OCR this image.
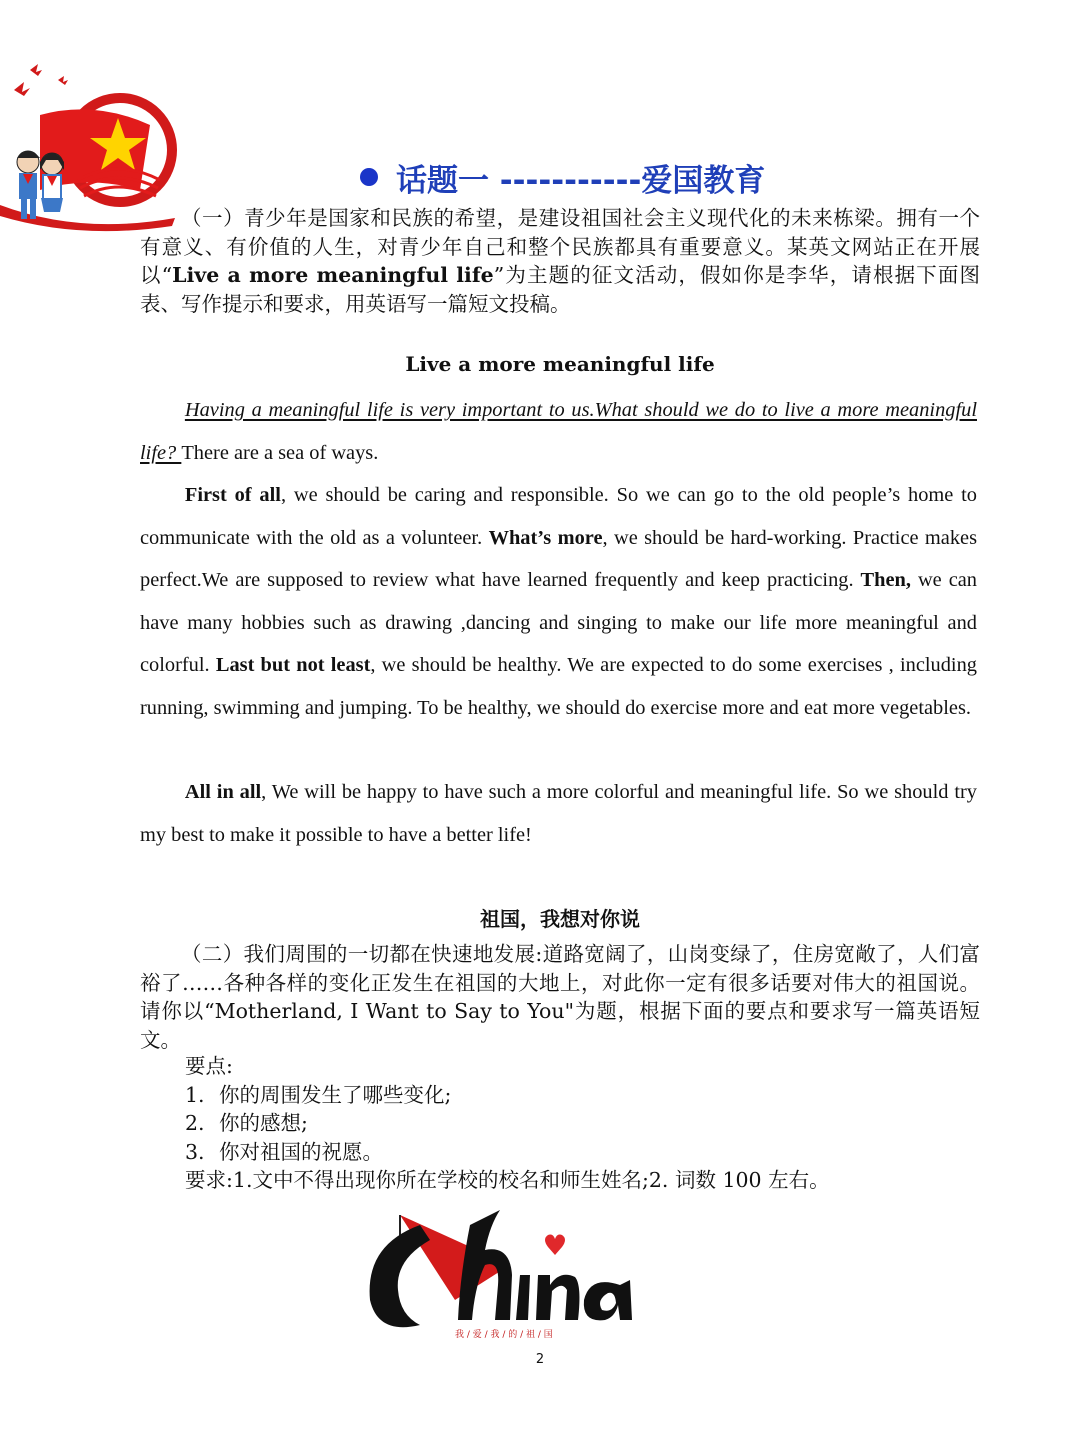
话题一 -----------爱国教育

（一）青少年是国家和民族的希望，是建设祖国社会主义现代化的未来栋梁。拥有一个有意义、有价值的人生，对青少年自己和整个民族都具有重要意义。某英文网站正在开展以“Live a more meaningful life”为主题的征文活动，假如你是李华，请根据下面图表、写作提示和要求，用英语写一篇短文投稿。

Live a more meaningful life

Having a meaningful life is very important to us.What should we do to live a more meaningful life? There are a sea of ways.

First of all, we should be caring and responsible. So we can go to the old people’s home to communicate with the old as a volunteer. What’s more, we should be hard-working. Practice makes perfect.We are supposed to review what have learned frequently and keep practicing. Then, we can have many hobbies such as drawing ,dancing and singing to make our life more meaningful and colorful. Last but not least, we should be healthy. We are expected to do some exercises , including running, swimming and jumping. To be healthy, we should do exercise more and eat more vegetables.

All in all, We will be happy to have such a more colorful and meaningful life. So we should try my best to make it possible to have a better life!

祖国，我想对你说

（二）我们周围的一切都在快速地发展:道路宽阔了，山岗变绿了，住房宽敞了，人们富裕了……各种各样的变化正发生在祖国的大地上，对此你一定有很多话要对伟大的祖国说。请你以“Motherland, I Want to Say to You"为题，根据下面的要点和要求写一篇英语短文。

要点:
1. 你的周围发生了哪些变化;
2. 你的感想;
3. 你对祖国的祝愿。
要求:1.文中不得出现你所在学校的校名和师生姓名;2. 词数 100 左右。
我 / 爱 / 我 / 的 / 祖 / 国
2
